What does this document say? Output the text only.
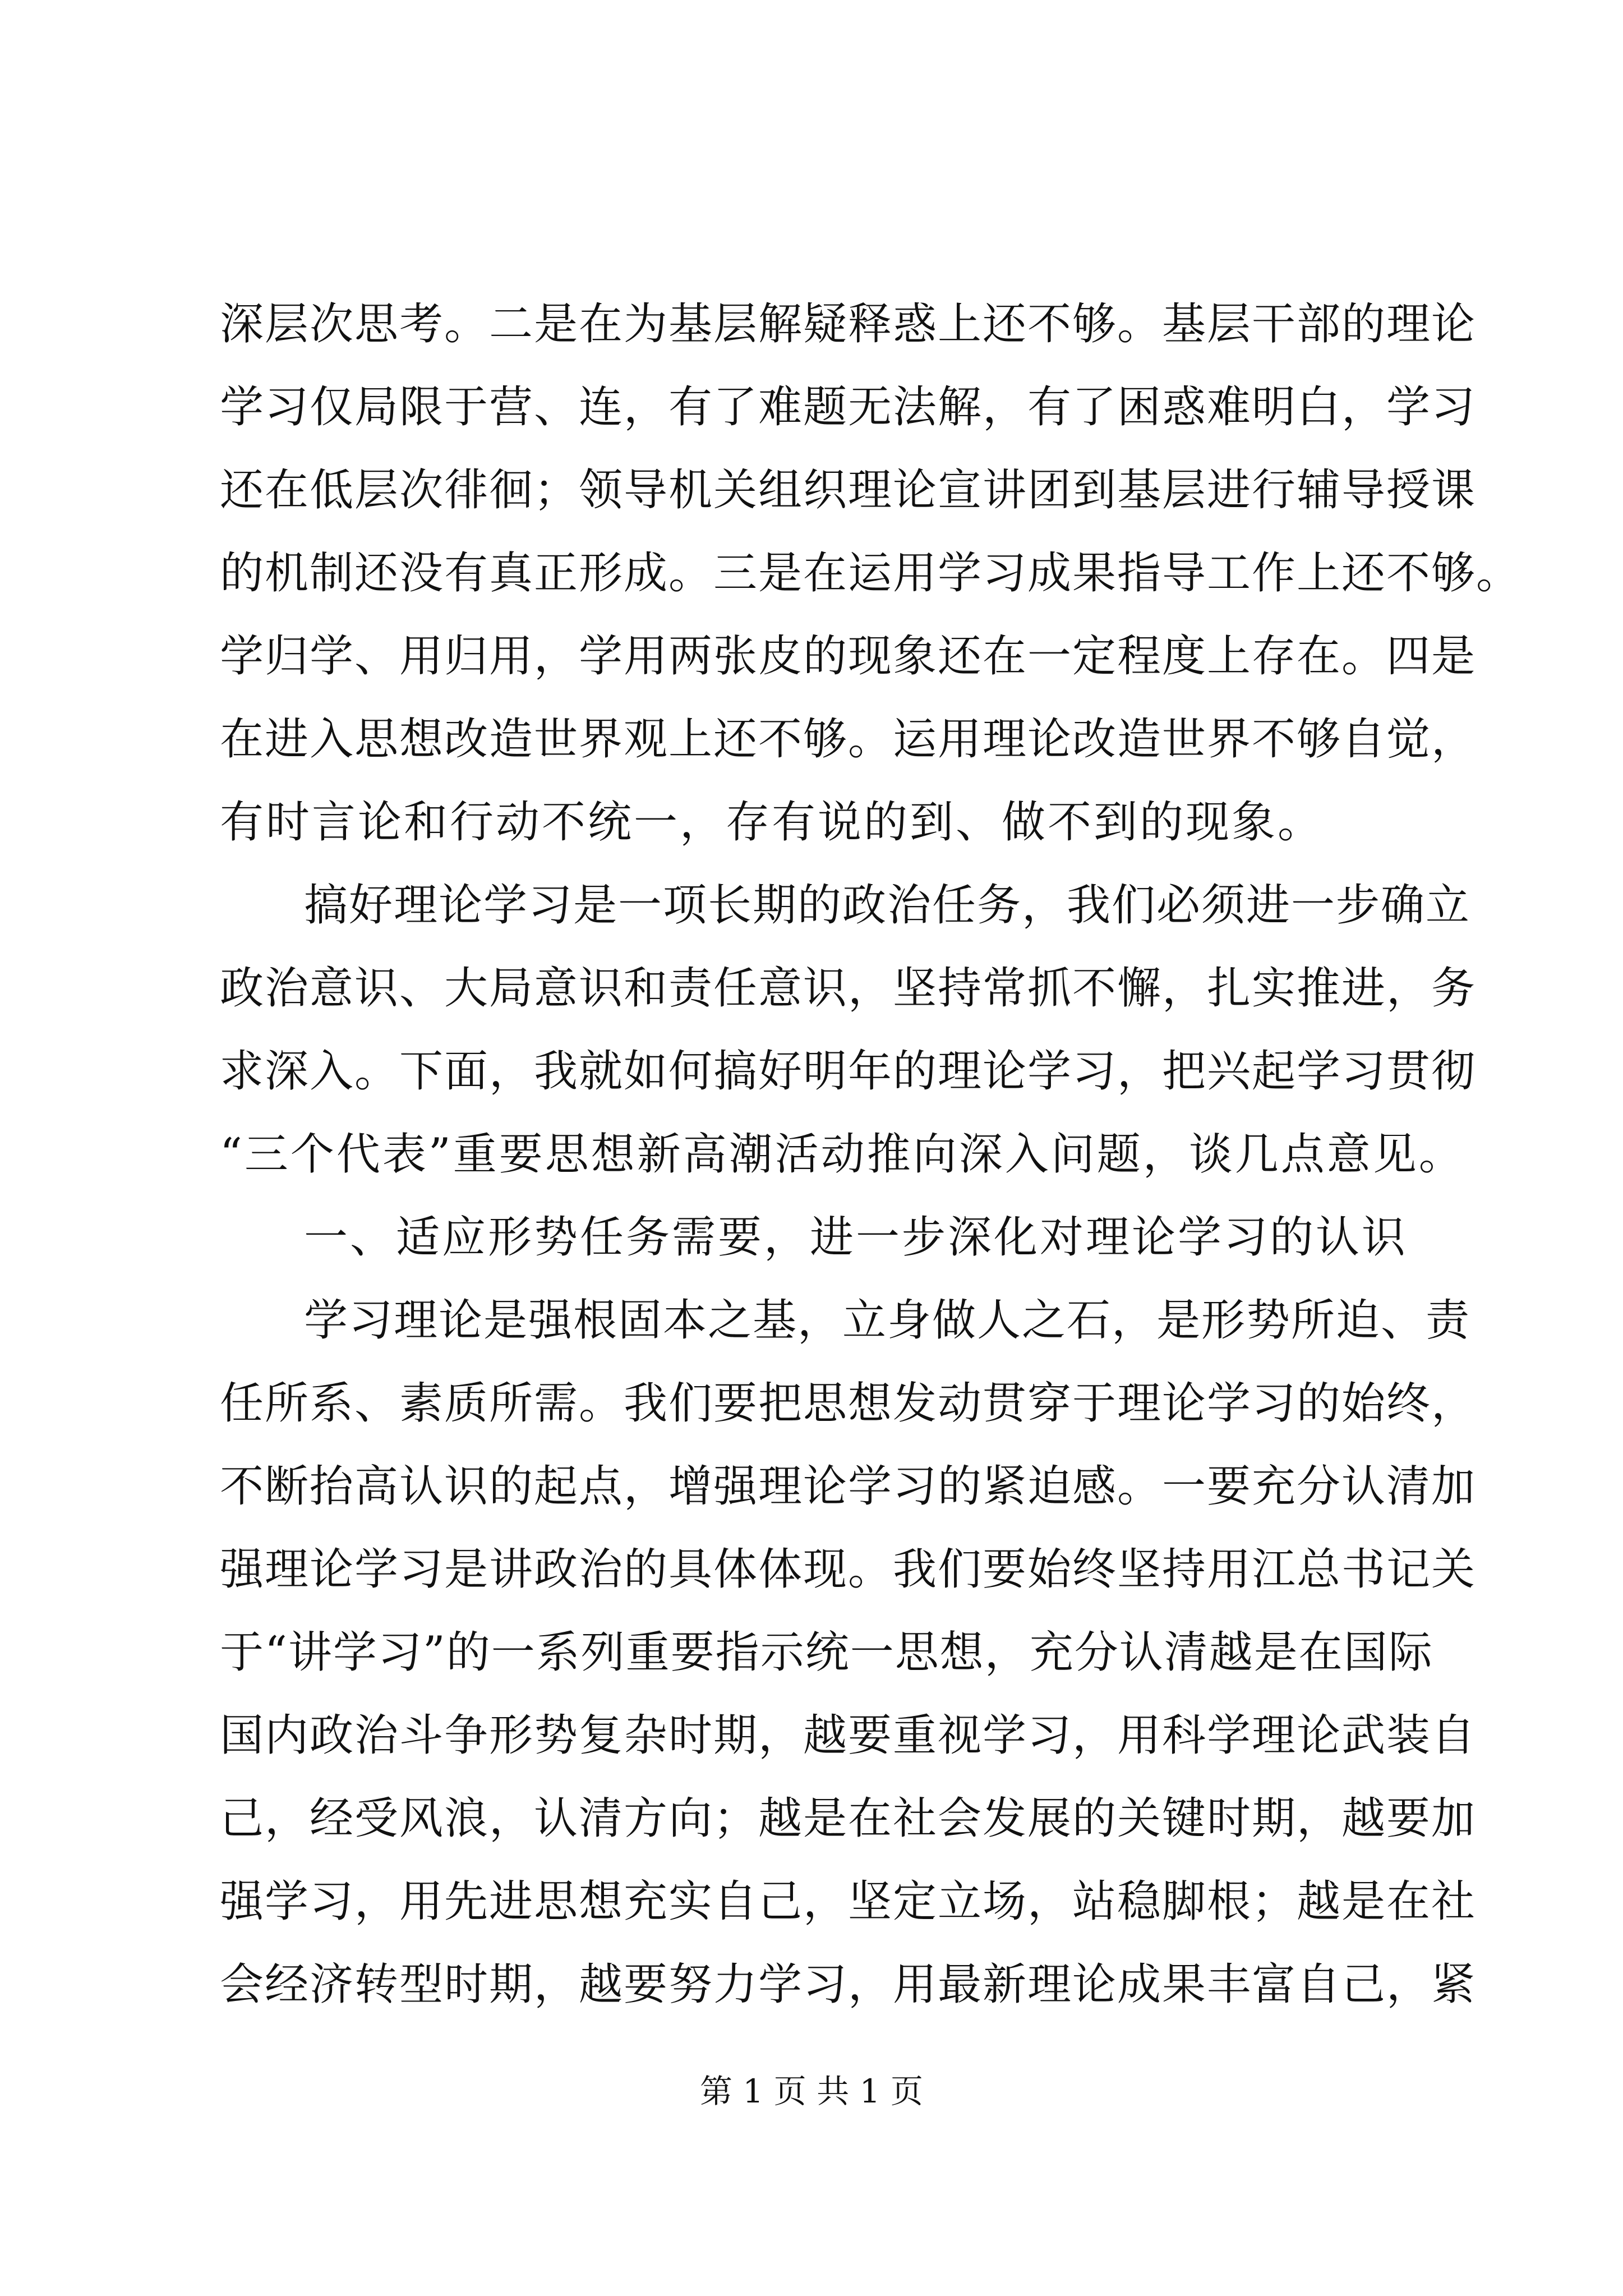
深层次思考。二是在为基层解疑释惑上还不够。基层干部的理论
学习仅局限于营、连，有了难题无法解，有了困惑难明白，学习
还在低层次徘徊；领导机关组织理论宣讲团到基层进行辅导授课
的机制还没有真正形成。三是在运用学习成果指导工作上还不够。
学归学、用归用，学用两张皮的现象还在一定程度上存在。四是
在进入思想改造世界观上还不够。运用理论改造世界不够自觉，
有时言论和行动不统一，存有说的到、做不到的现象。
搞好理论学习是一项长期的政治任务，我们必须进一步确立
政治意识、大局意识和责任意识，坚持常抓不懈，扎实推进，务
求深入。下面，我就如何搞好明年的理论学习，把兴起学习贯彻
“三个代表”重要思想新高潮活动推向深入问题，谈几点意见。
一、适应形势任务需要，进一步深化对理论学习的认识
学习理论是强根固本之基，立身做人之石，是形势所迫、责
任所系、素质所需。我们要把思想发动贯穿于理论学习的始终，
不断抬高认识的起点，增强理论学习的紧迫感。一要充分认清加
强理论学习是讲政治的具体体现。我们要始终坚持用江总书记关
于“讲学习”的一系列重要指示统一思想，充分认清越是在国际
国内政治斗争形势复杂时期，越要重视学习，用科学理论武装自
己，经受风浪，认清方向；越是在社会发展的关键时期，越要加
强学习，用先进思想充实自己，坚定立场，站稳脚根；越是在社
会经济转型时期，越要努力学习，用最新理论成果丰富自己，紧
第 1 页 共 1 页
